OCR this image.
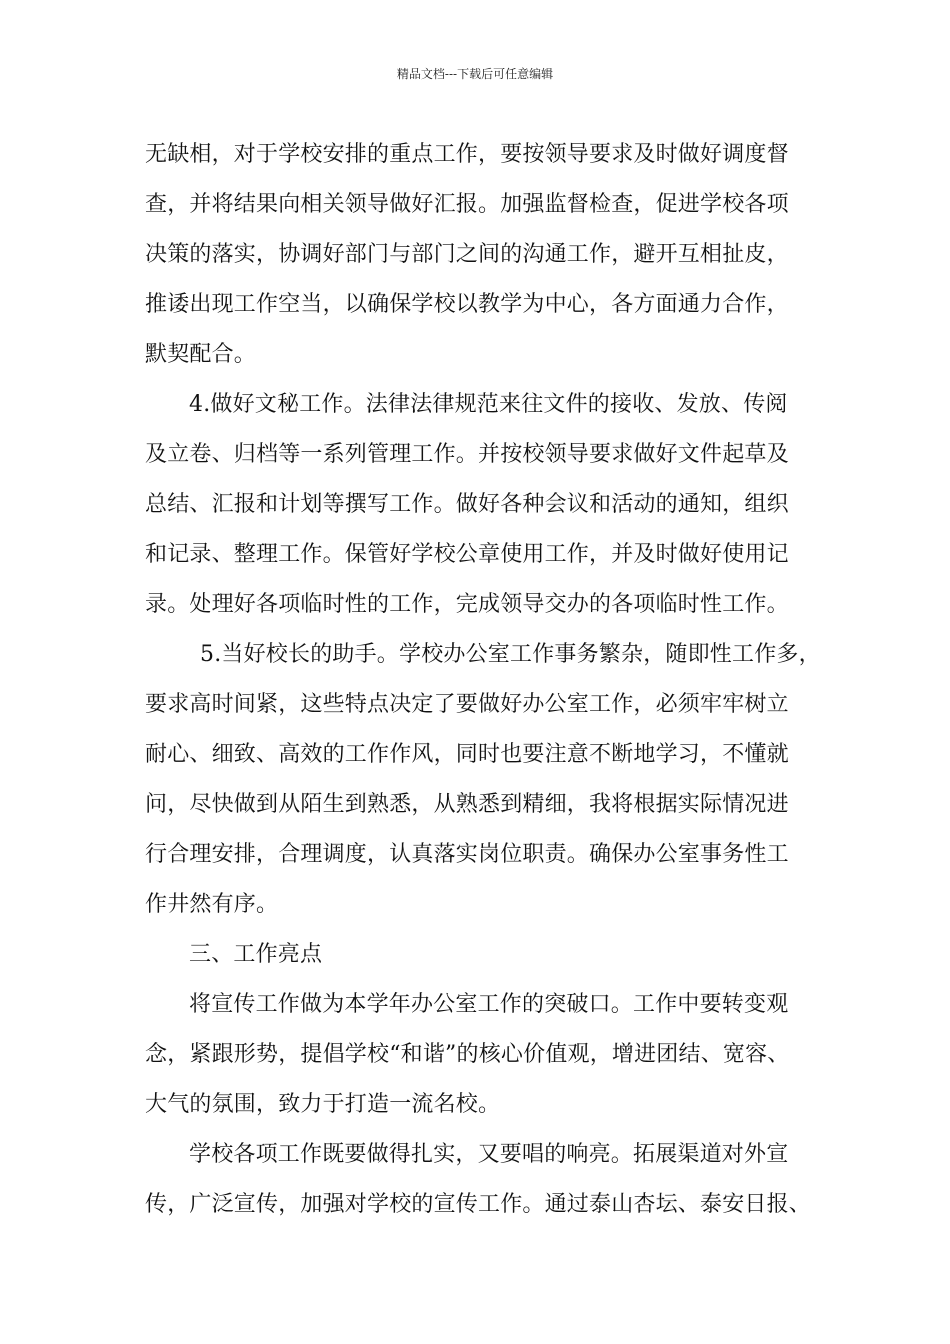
精品文档---下载后可任意编辑
无缺相，对于学校安排的重点工作，要按领导要求及时做好调度督
查，并将结果向相关领导做好汇报。加强监督检查，促进学校各项
决策的落实，协调好部门与部门之间的沟通工作，避开互相扯皮，
推诿出现工作空当，以确保学校以教学为中心，各方面通力合作，
默契配合。
4.做好文秘工作。法律法律规范来往文件的接收、发放、传阅
及立卷、归档等一系列管理工作。并按校领导要求做好文件起草及
总结、汇报和计划等撰写工作。做好各种会议和活动的通知，组织
和记录、整理工作。保管好学校公章使用工作，并及时做好使用记
录。处理好各项临时性的工作，完成领导交办的各项临时性工作。
5.当好校长的助手。学校办公室工作事务繁杂，随即性工作多，
要求高时间紧，这些特点决定了要做好办公室工作，必须牢牢树立
耐心、细致、高效的工作作风，同时也要注意不断地学习，不懂就
问，尽快做到从陌生到熟悉，从熟悉到精细，我将根据实际情况进
行合理安排，合理调度，认真落实岗位职责。确保办公室事务性工
作井然有序。
三、工作亮点
将宣传工作做为本学年办公室工作的突破口。工作中要转变观
念，紧跟形势，提倡学校“和谐”的核心价值观，增进团结、宽容、
大气的氛围，致力于打造一流名校。
学校各项工作既要做得扎实，又要唱的响亮。拓展渠道对外宣
传，广泛宣传，加强对学校的宣传工作。通过泰山杏坛、泰安日报、
